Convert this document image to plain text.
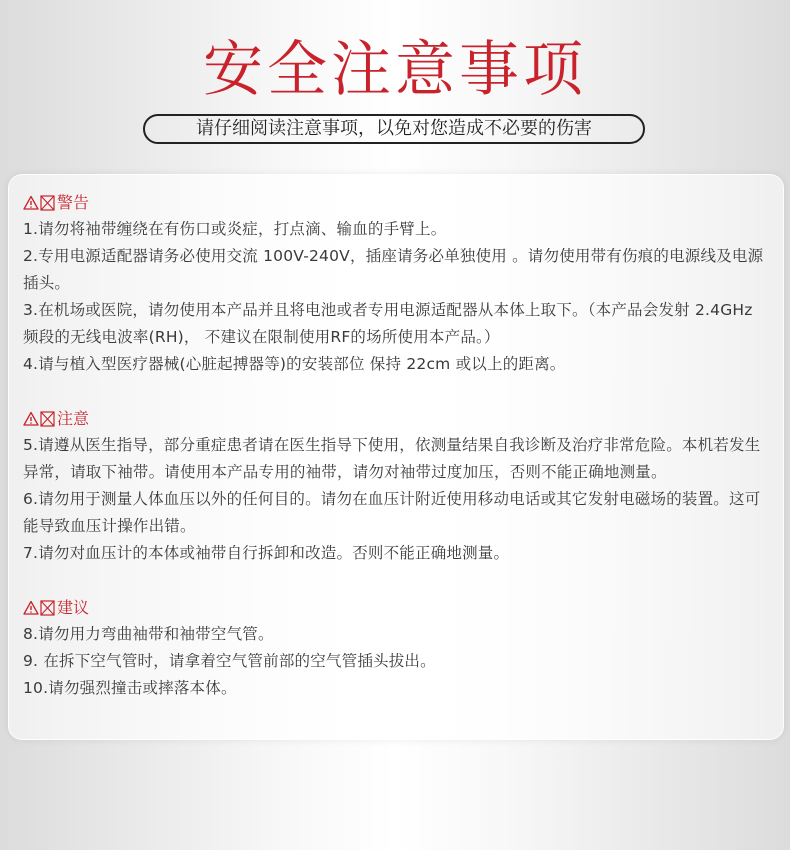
安全注意事项
请仔细阅读注意事项，以免对您造成不必要的伤害
警告

1.请勿将袖带缠绕在有伤口或炎症，打点滴、输血的手臂上。

2.专用电源适配器请务必使用交流 100V-240V，插座请务必单独使用 。请勿使用带有伤痕的电源线及电源插头。

3.在机场或医院，请勿使用本产品并且将电池或者专用电源适配器从本体上取下。（本产品会发射 2.4GHz 频段的无线电波率(RH)， 不建议在限制使用RF的场所使用本产品。）

4.请与植入型医疗器械(心脏起搏器等)的安装部位 保持 22cm 或以上的距离。

注意

5.请遵从医生指导，部分重症患者请在医生指导下使用，依测量结果自我诊断及治疗非常危险。本机若发生异常，请取下袖带。请使用本产品专用的袖带，请勿对袖带过度加压，否则不能正确地测量。

6.请勿用于测量人体血压以外的任何目的。请勿在血压计附近使用移动电话或其它发射电磁场的装置。这可能导致血压计操作出错。

7.请勿对血压计的本体或袖带自行拆卸和改造。否则不能正确地测量。

建议

8.请勿用力弯曲袖带和袖带空气管。

9. 在拆下空气管时，请拿着空气管前部的空气管插头拔出。

10.请勿强烈撞击或摔落本体。
